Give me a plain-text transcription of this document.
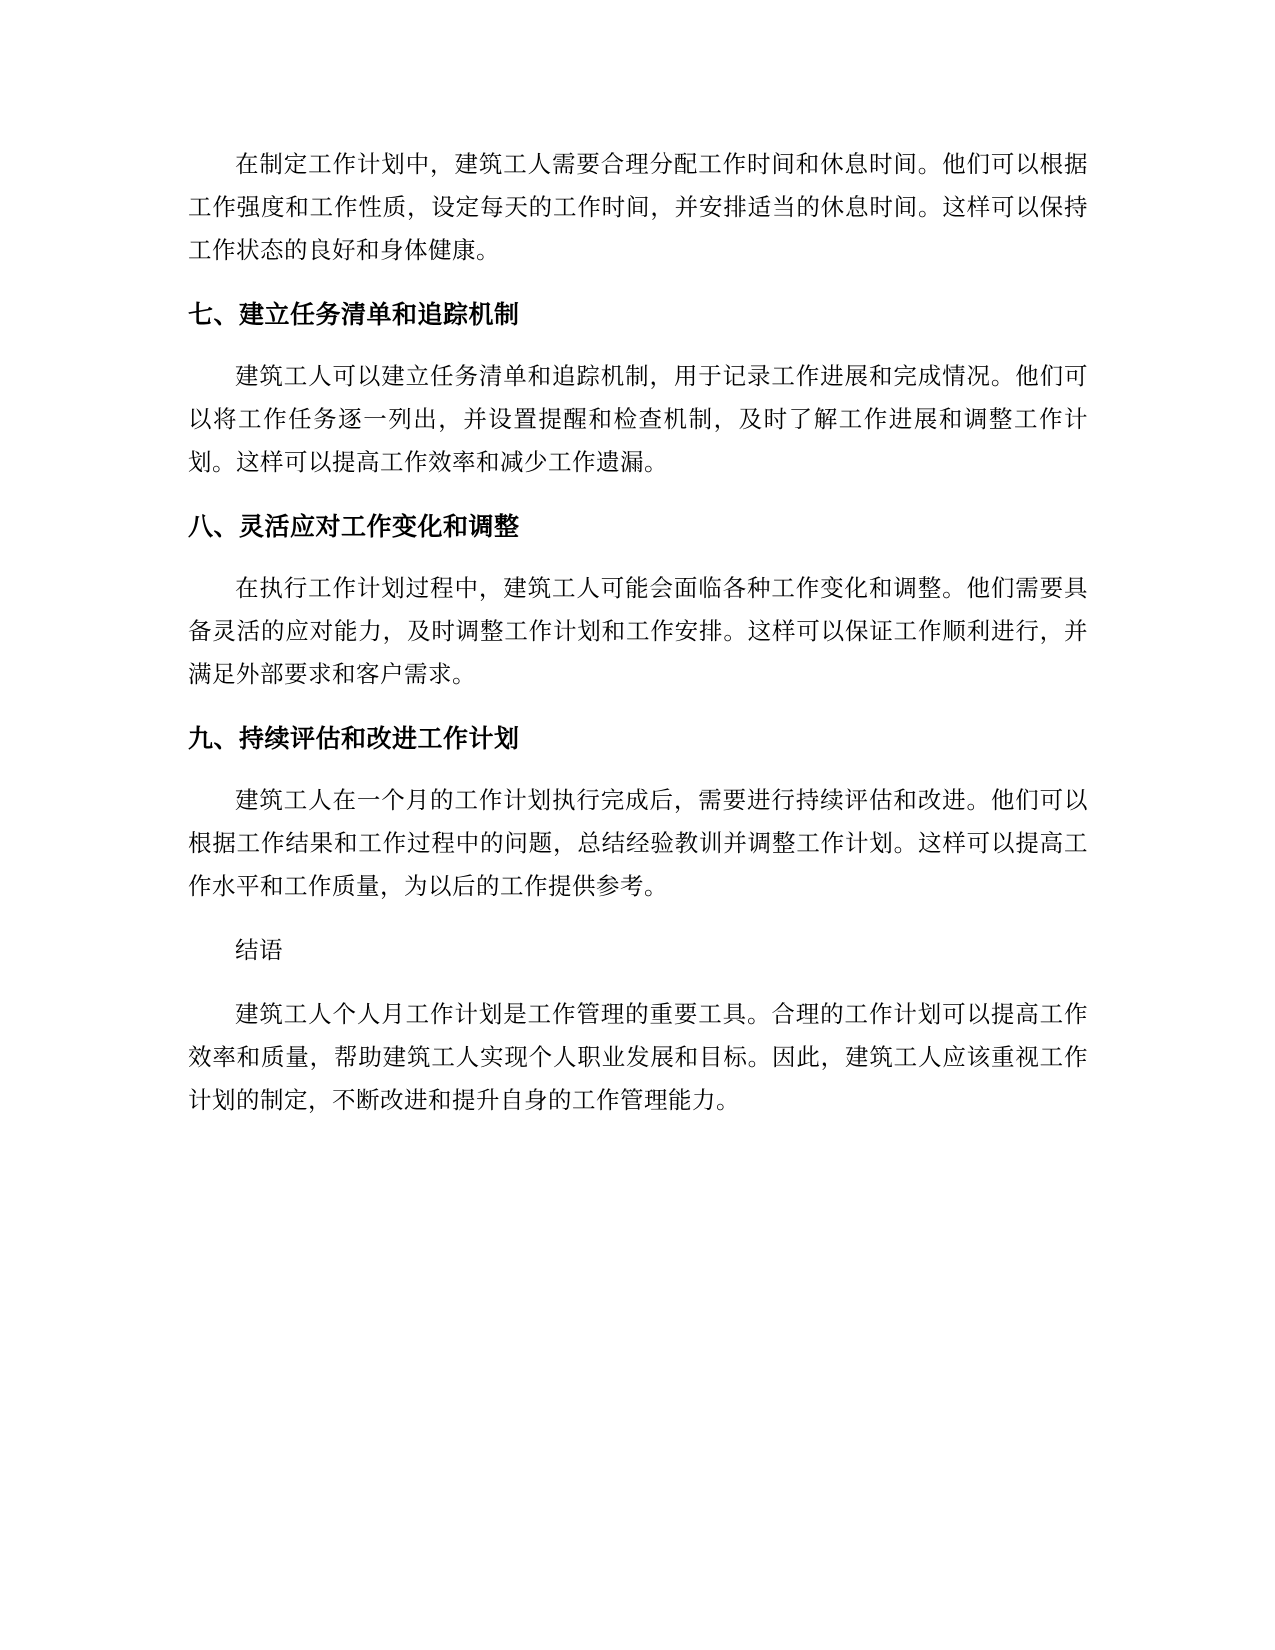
在制定工作计划中，建筑工人需要合理分配工作时间和休息时间。他们可以根据工作强度和工作性质，设定每天的工作时间，并安排适当的休息时间。这样可以保持工作状态的良好和身体健康。

七、建立任务清单和追踪机制

建筑工人可以建立任务清单和追踪机制，用于记录工作进展和完成情况。他们可以将工作任务逐一列出，并设置提醒和检查机制，及时了解工作进展和调整工作计划。这样可以提高工作效率和减少工作遗漏。

八、灵活应对工作变化和调整

在执行工作计划过程中，建筑工人可能会面临各种工作变化和调整。他们需要具备灵活的应对能力，及时调整工作计划和工作安排。这样可以保证工作顺利进行，并满足外部要求和客户需求。

九、持续评估和改进工作计划

建筑工人在一个月的工作计划执行完成后，需要进行持续评估和改进。他们可以根据工作结果和工作过程中的问题，总结经验教训并调整工作计划。这样可以提高工作水平和工作质量，为以后的工作提供参考。

结语

建筑工人个人月工作计划是工作管理的重要工具。合理的工作计划可以提高工作效率和质量，帮助建筑工人实现个人职业发展和目标。因此，建筑工人应该重视工作计划的制定，不断改进和提升自身的工作管理能力。
